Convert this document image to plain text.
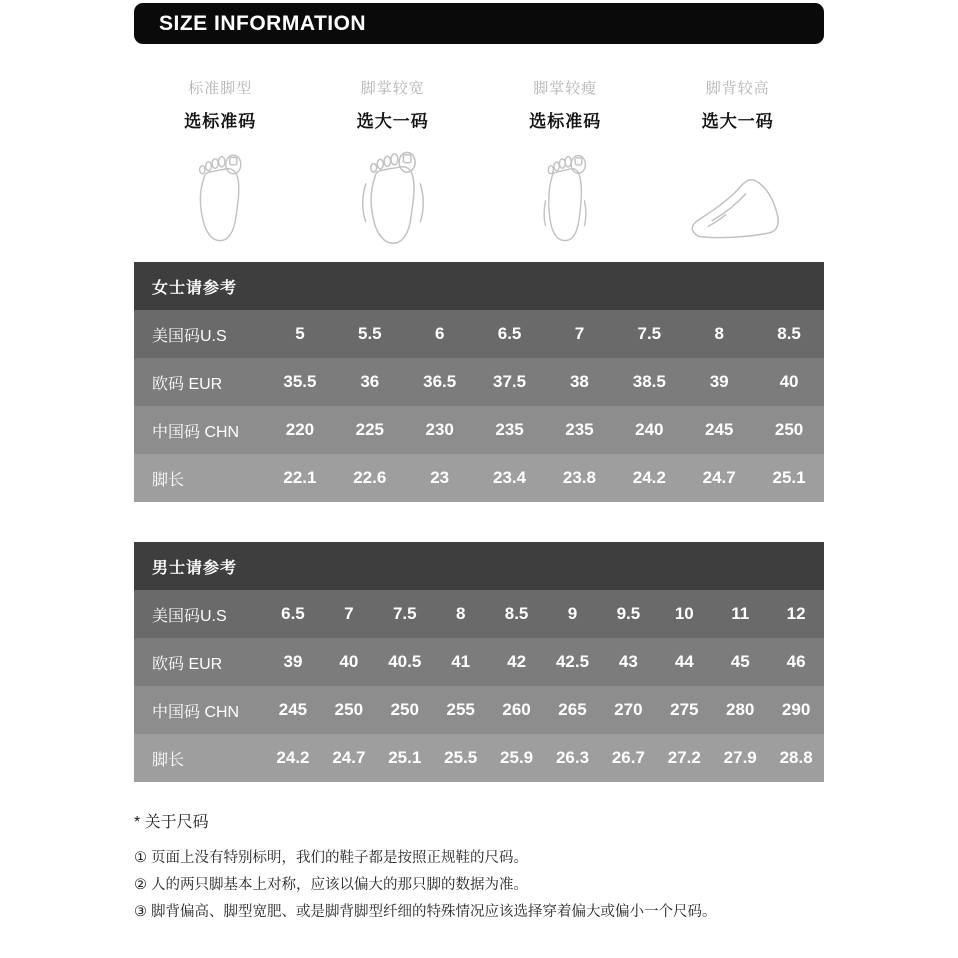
SIZE INFORMATION
标准脚型
选标准码
脚掌较宽
选大一码
脚掌较瘦
选标准码
脚背较高
选大一码
女士请参考
美国码U.S	5	5.5	6	6.5	7	7.5	8	8.5
欧码 EUR	35.5	36	36.5	37.5	38	38.5	39	40
中国码 CHN	220	225	230	235	235	240	245	250
脚长	22.1	22.6	23	23.4	23.8	24.2	24.7	25.1
男士请参考
美国码U.S	6.5	7	7.5	8	8.5	9	9.5	10	11	12
欧码 EUR	39	40	40.5	41	42	42.5	43	44	45	46
中国码 CHN	245	250	250	255	260	265	270	275	280	290
脚长	24.2	24.7	25.1	25.5	25.9	26.3	26.7	27.2	27.9	28.8
* 关于尺码

① 页面上没有特别标明，我们的鞋子都是按照正规鞋的尺码。

② 人的两只脚基本上对称，应该以偏大的那只脚的数据为准。

③ 脚背偏高、脚型宽肥、或是脚背脚型纤细的特殊情况应该选择穿着偏大或偏小一个尺码。
